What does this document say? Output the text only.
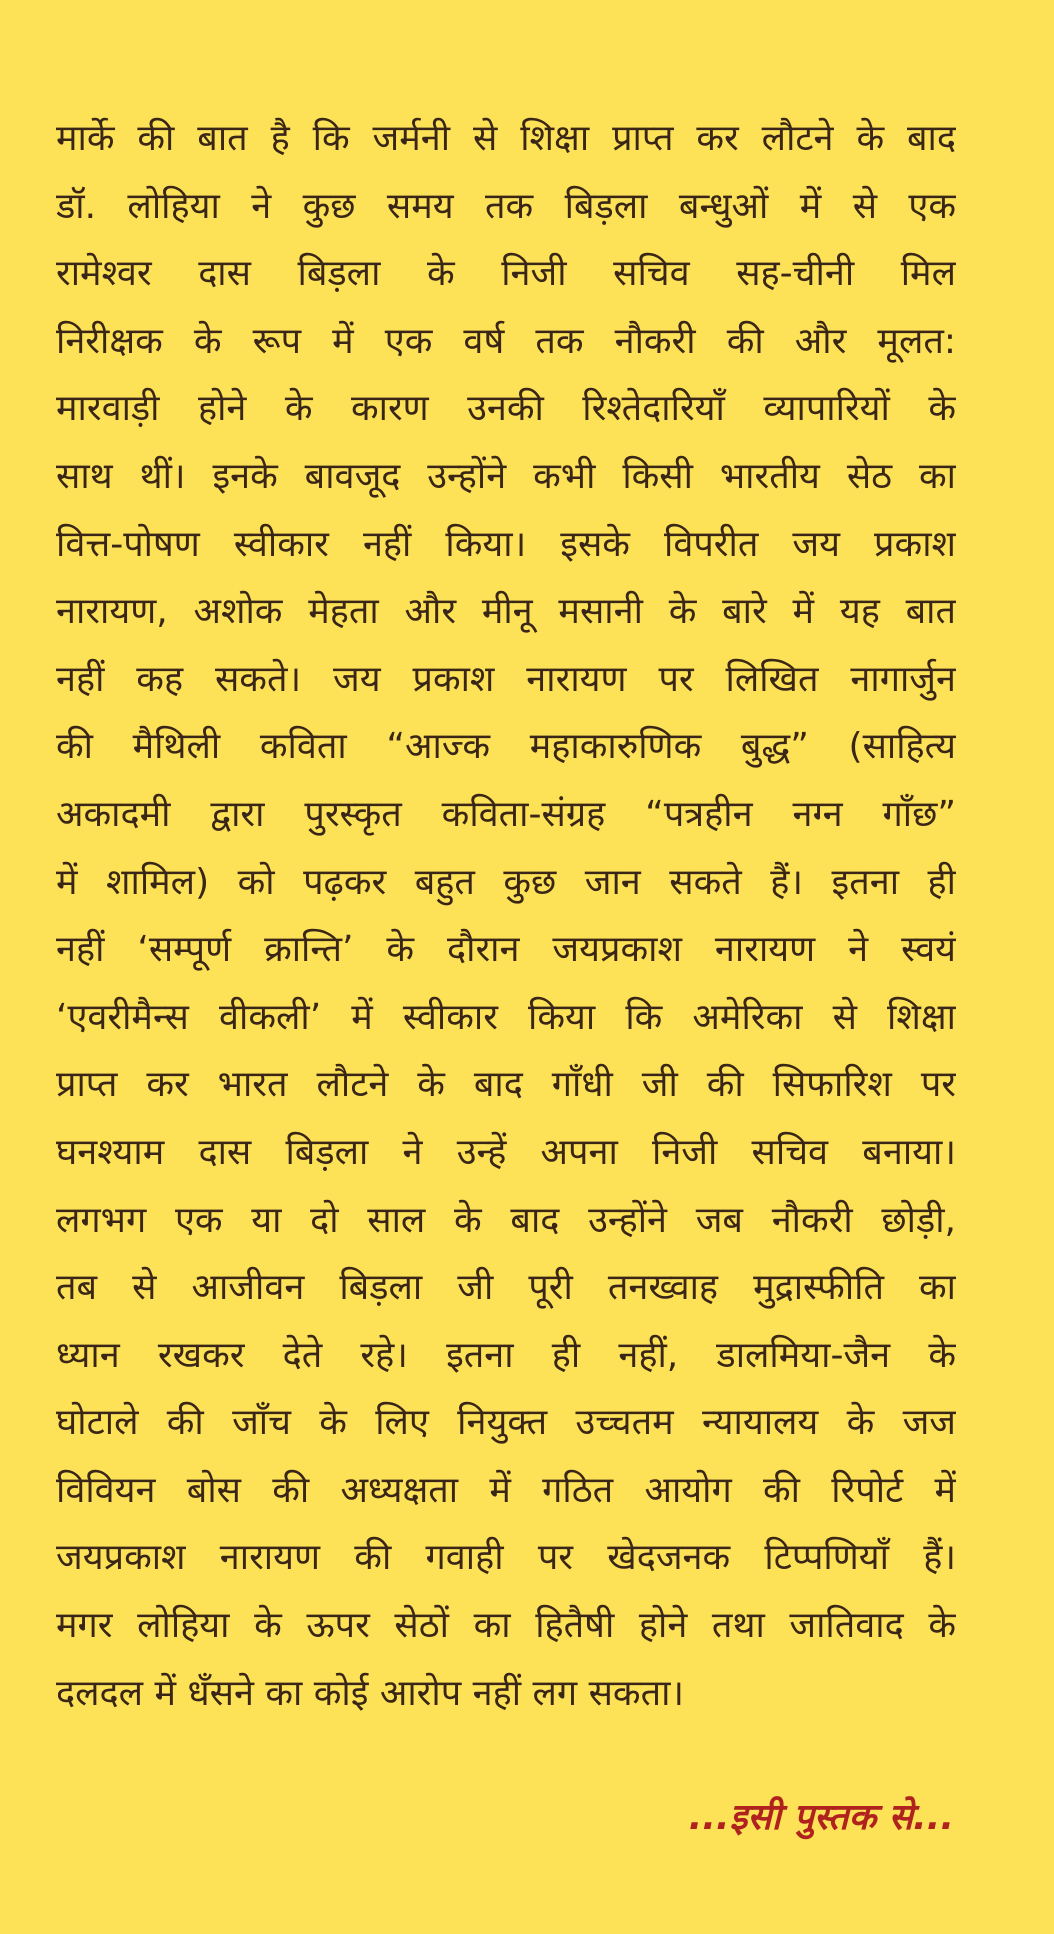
मार्के की बात है कि जर्मनी से शिक्षा प्राप्त कर लौटने के बाद
डॉ. लोहिया ने कुछ समय तक बिड़ला बन्धुओं में से एक
रामेश्वर दास बिड़ला के निजी सचिव सह-चीनी मिल
निरीक्षक के रूप में एक वर्ष तक नौकरी की और मूलत:
मारवाड़ी होने के कारण उनकी रिश्तेदारियाँ व्यापारियों के
साथ थीं। इनके बावजूद उन्होंने कभी किसी भारतीय सेठ का
वित्त-पोषण स्वीकार नहीं किया। इसके विपरीत जय प्रकाश
नारायण, अशोक मेहता और मीनू मसानी के बारे में यह बात
नहीं कह सकते। जय प्रकाश नारायण पर लिखित नागार्जुन
की मैथिली कविता “आज्क महाकारुणिक बुद्ध” (साहित्य
अकादमी द्वारा पुरस्कृत कविता-संग्रह “पत्रहीन नग्न गाँछ”
में शामिल) को पढ़कर बहुत कुछ जान सकते हैं। इतना ही
नहीं ‘सम्पूर्ण क्रान्ति’ के दौरान जयप्रकाश नारायण ने स्वयं
‘एवरीमैन्स वीकली’ में स्वीकार किया कि अमेरिका से शिक्षा
प्राप्त कर भारत लौटने के बाद गाँधी जी की सिफारिश पर
घनश्याम दास बिड़ला ने उन्हें अपना निजी सचिव बनाया।
लगभग एक या दो साल के बाद उन्होंने जब नौकरी छोड़ी,
तब से आजीवन बिड़ला जी पूरी तनख्वाह मुद्रास्फीति का
ध्यान रखकर देते रहे। इतना ही नहीं, डालमिया-जैन के
घोटाले की जाँच के लिए नियुक्त उच्चतम न्यायालय के जज
विवियन बोस की अध्यक्षता में गठित आयोग की रिपोर्ट में
जयप्रकाश नारायण की गवाही पर खेदजनक टिप्पणियाँ हैं।
मगर लोहिया के ऊपर सेठों का हितैषी होने तथा जातिवाद के
दलदल में धँसने का कोई आरोप नहीं लग सकता।
...इसी पुस्तक से...
